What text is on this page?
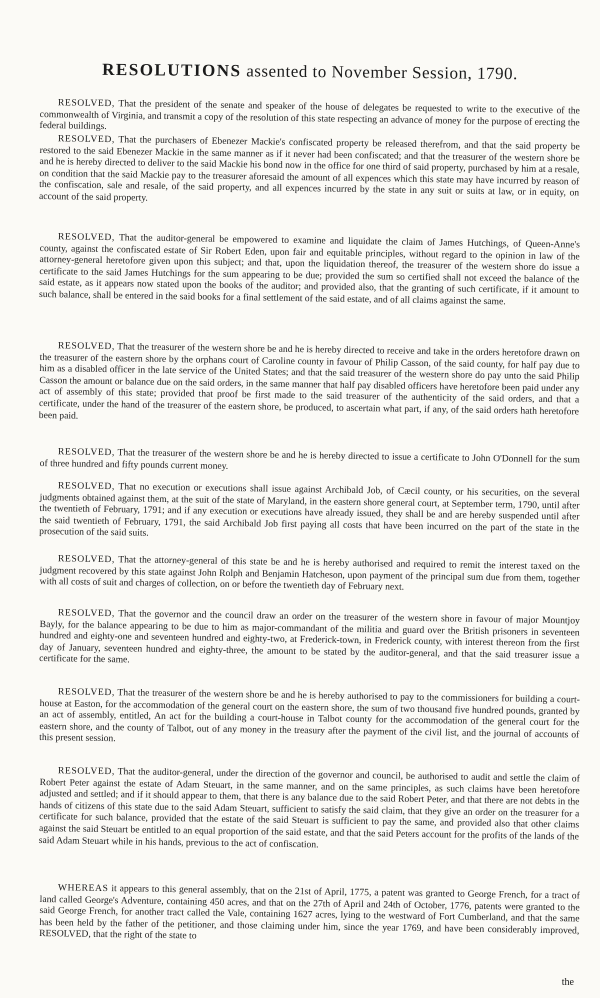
RESOLUTIONS assented to November Session, 1790.

RESOLVED, That the president of the senate and speaker of the house of delegates be requested to write to the executive of the commonwealth of Virginia, and transmit a copy of the resolution of this state respecting an advance of money for the purpose of erecting the federal buildings.

RESOLVED, That the purchasers of Ebenezer Mackie's confiscated property be released therefrom, and that the said property be restored to the said Ebenezer Mackie in the same manner as if it never had been confiscated; and that the treasurer of the western shore be and he is hereby directed to deliver to the said Mackie his bond now in the office for one third of said property, purchased by him at a resale, on condition that the said Mackie pay to the treasurer aforesaid the amount of all expences which this state may have incurred by reason of the confiscation, sale and resale, of the said property, and all expences incurred by the state in any suit or suits at law, or in equity, on account of the said property.

RESOLVED, That the auditor-general be empowered to examine and liquidate the claim of James Hutchings, of Queen-Anne's county, against the confiscated estate of Sir Robert Eden, upon fair and equitable principles, without regard to the opinion in law of the attorney-general heretofore given upon this subject; and that, upon the liquidation thereof, the treasurer of the western shore do issue a certificate to the said James Hutchings for the sum appearing to be due; provided the sum so certified shall not exceed the balance of the said estate, as it appears now stated upon the books of the auditor; and provided also, that the granting of such certificate, if it amount to such balance, shall be entered in the said books for a final settlement of the said estate, and of all claims against the same.

RESOLVED, That the treasurer of the western shore be and he is hereby directed to receive and take in the orders heretofore drawn on the treasurer of the eastern shore by the orphans court of Caroline county in favour of Philip Casson, of the said county, for half pay due to him as a disabled officer in the late service of the United States; and that the said treasurer of the western shore do pay unto the said Philip Casson the amount or balance due on the said orders, in the same manner that half pay disabled officers have heretofore been paid under any act of assembly of this state; provided that proof be first made to the said treasurer of the authenticity of the said orders, and that a certificate, under the hand of the treasurer of the eastern shore, be produced, to ascertain what part, if any, of the said orders hath heretofore been paid.

RESOLVED, That the treasurer of the western shore be and he is hereby directed to issue a certificate to John O'Donnell for the sum of three hundred and fifty pounds current money.

RESOLVED, That no execution or executions shall issue against Archibald Job, of Cæcil county, or his securities, on the several judgments obtained against them, at the suit of the state of Maryland, in the eastern shore general court, at September term, 1790, until after the twentieth of February, 1791; and if any execution or executions have already issued, they shall be and are hereby suspended until after the said twentieth of February, 1791, the said Archibald Job first paying all costs that have been incurred on the part of the state in the prosecution of the said suits.

RESOLVED, That the attorney-general of this state be and he is hereby authorised and required to remit the interest taxed on the judgment recovered by this state against John Rolph and Benjamin Hatcheson, upon payment of the principal sum due from them, together with all costs of suit and charges of collection, on or before the twentieth day of February next.

RESOLVED, That the governor and the council draw an order on the treasurer of the western shore in favour of major Mountjoy Bayly, for the balance appearing to be due to him as major-commandant of the militia and guard over the British prisoners in seventeen hundred and eighty-one and seventeen hundred and eighty-two, at Frederick-town, in Frederick county, with interest thereon from the first day of January, seventeen hundred and eighty-three, the amount to be stated by the auditor-general, and that the said treasurer issue a certificate for the same.

RESOLVED, That the treasurer of the western shore be and he is hereby authorised to pay to the commissioners for building a court-house at Easton, for the accommodation of the general court on the eastern shore, the sum of two thousand five hundred pounds, granted by an act of assembly, entitled, An act for the building a court-house in Talbot county for the accommodation of the general court for the eastern shore, and the county of Talbot, out of any money in the treasury after the payment of the civil list, and the journal of accounts of this present session.

RESOLVED, That the auditor-general, under the direction of the governor and council, be authorised to audit and settle the claim of Robert Peter against the estate of Adam Steuart, in the same manner, and on the same principles, as such claims have been heretofore adjusted and settled; and if it should appear to them, that there is any balance due to the said Robert Peter, and that there are not debts in the hands of citizens of this state due to the said Adam Steuart, sufficient to satisfy the said claim, that they give an order on the treasurer for a certificate for such balance, provided that the estate of the said Steuart is sufficient to pay the same, and provided also that other claims against the said Steuart be entitled to an equal proportion of the said estate, and that the said Peters account for the profits of the lands of the said Adam Steuart while in his hands, previous to the act of confiscation.

WHEREAS it appears to this general assembly, that on the 21st of April, 1775, a patent was granted to George French, for a tract of land called George's Adventure, containing 450 acres, and that on the 27th of April and 24th of October, 1776, patents were granted to the said George French, for another tract called the Vale, containing 1627 acres, lying to the westward of Fort Cumberland, and that the same has been held by the father of the petitioner, and those claiming under him, since the year 1769, and have been considerably improved, RESOLVED, that the right of the state to

the
